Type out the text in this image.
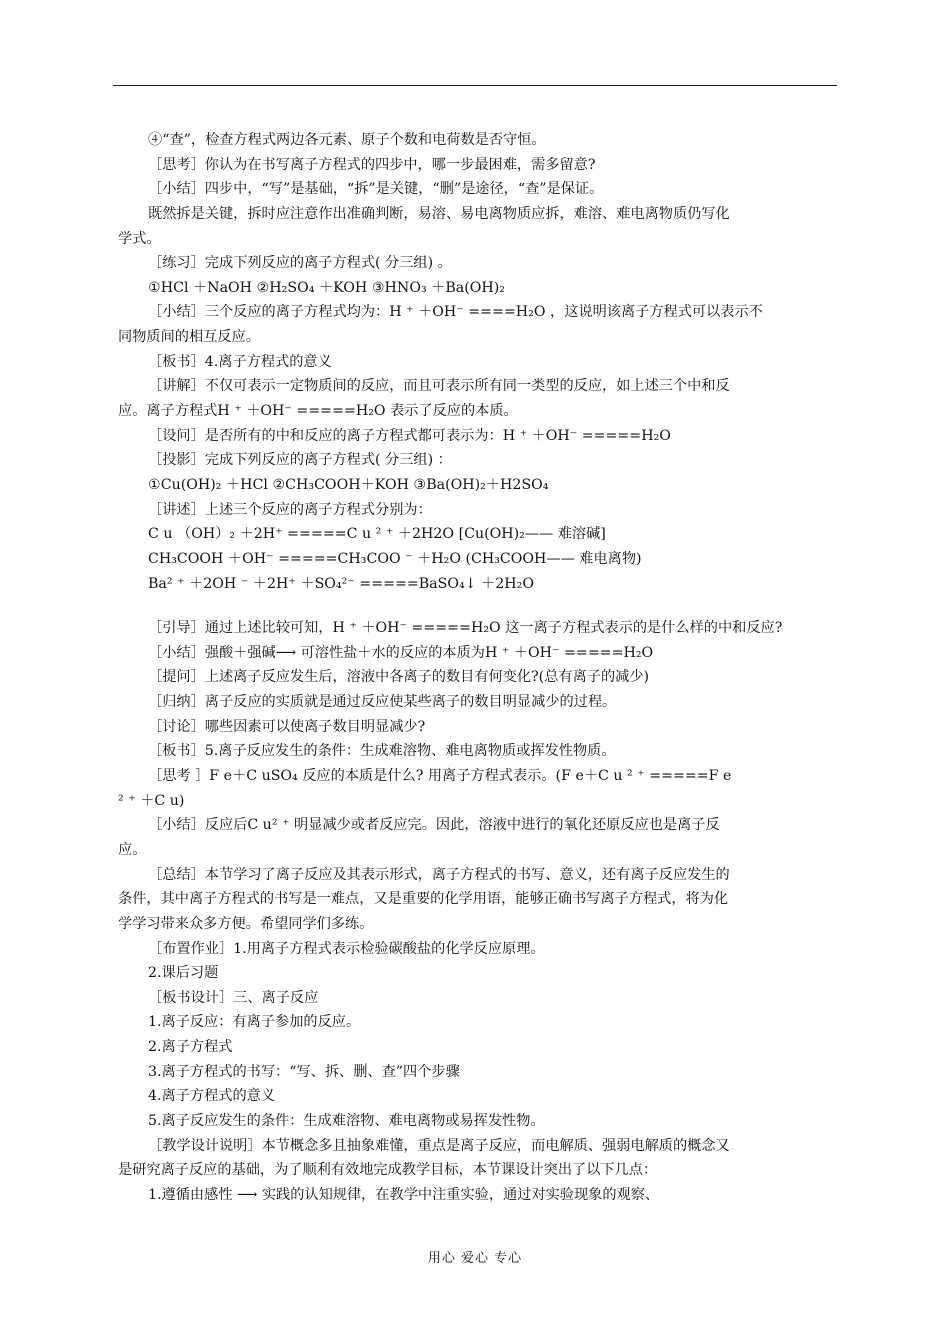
④“查”，检查方程式两边各元素、原子个数和电荷数是否守恒。
［思考］你认为在书写离子方程式的四步中，哪一步最困难，需多留意?
［小结］四步中，“写”是基础，“拆”是关键，“删”是途径，“查”是保证。
既然拆是关键，拆时应注意作出准确判断，易溶、易电离物质应拆，难溶、难电离物质仍写化
学式。
［练习］完成下列反应的离子方程式( 分三组) 。
①HCl ＋NaOH ②H₂SO₄ ＋KOH ③HNO₃ ＋Ba(OH)₂
［小结］三个反应的离子方程式均为：H ⁺ ＋OH⁻ ====H₂O ，这说明该离子方程式可以表示不
同物质间的相互反应。
［板书］4.离子方程式的意义
［讲解］不仅可表示一定物质间的反应，而且可表示所有同一类型的反应，如上述三个中和反
应。离子方程式H ⁺ ＋OH⁻ =====H₂O 表示了反应的本质。
［设问］是否所有的中和反应的离子方程式都可表示为：H ⁺ ＋OH⁻ =====H₂O
［投影］完成下列反应的离子方程式( 分三组) ：
①Cu(OH)₂ ＋HCl ②CH₃COOH＋KOH ③Ba(OH)₂＋H2SO₄
［讲述］上述三个反应的离子方程式分别为：
C u （OH）₂ ＋2H⁺ =====C u ² ⁺ ＋2H2O [Cu(OH)₂—— 难溶碱]
CH₃COOH ＋OH⁻ =====CH₃COO ⁻ ＋H₂O (CH₃COOH—— 难电离物)
Ba² ⁺ ＋2OH ⁻ ＋2H⁺ ＋SO₄²⁻ =====BaSO₄↓ ＋2H₂O
［引导］通过上述比较可知，H ⁺ ＋OH⁻ =====H₂O 这一离子方程式表示的是什么样的中和反应?
［小结］强酸＋强碱⟶ 可溶性盐＋水的反应的本质为H ⁺ ＋OH⁻ =====H₂O
［提问］上述离子反应发生后，溶液中各离子的数目有何变化?(总有离子的减少)
［归纳］离子反应的实质就是通过反应使某些离子的数目明显减少的过程。
［讨论］哪些因素可以使离子数目明显减少?
［板书］5.离子反应发生的条件：生成难溶物、难电离物质或挥发性物质。
［思考 ］F e＋C uSO₄ 反应的本质是什么? 用离子方程式表示。(F e＋C u ² ⁺ =====F e
² ⁺ ＋C u)
［小结］反应后C u² ⁺ 明显减少或者反应完。因此，溶液中进行的氧化还原反应也是离子反
应。
［总结］本节学习了离子反应及其表示形式，离子方程式的书写、意义，还有离子反应发生的
条件，其中离子方程式的书写是一难点，又是重要的化学用语，能够正确书写离子方程式，将为化
学学习带来众多方便。希望同学们多练。
［布置作业］1.用离子方程式表示检验碳酸盐的化学反应原理。
2.课后习题
［板书设计］三、离子反应
1.离子反应：有离子参加的反应。
2.离子方程式
3.离子方程式的书写：“写、拆、删、查”四个步骤
4.离子方程式的意义
5.离子反应发生的条件：生成难溶物、难电离物或易挥发性物。
［教学设计说明］本节概念多且抽象难懂，重点是离子反应，而电解质、强弱电解质的概念又
是研究离子反应的基础，为了顺利有效地完成教学目标，本节课设计突出了以下几点：
1.遵循由感性 ⟶ 实践的认知规律，在教学中注重实验，通过对实验现象的观察、
用心 爱心 专心
